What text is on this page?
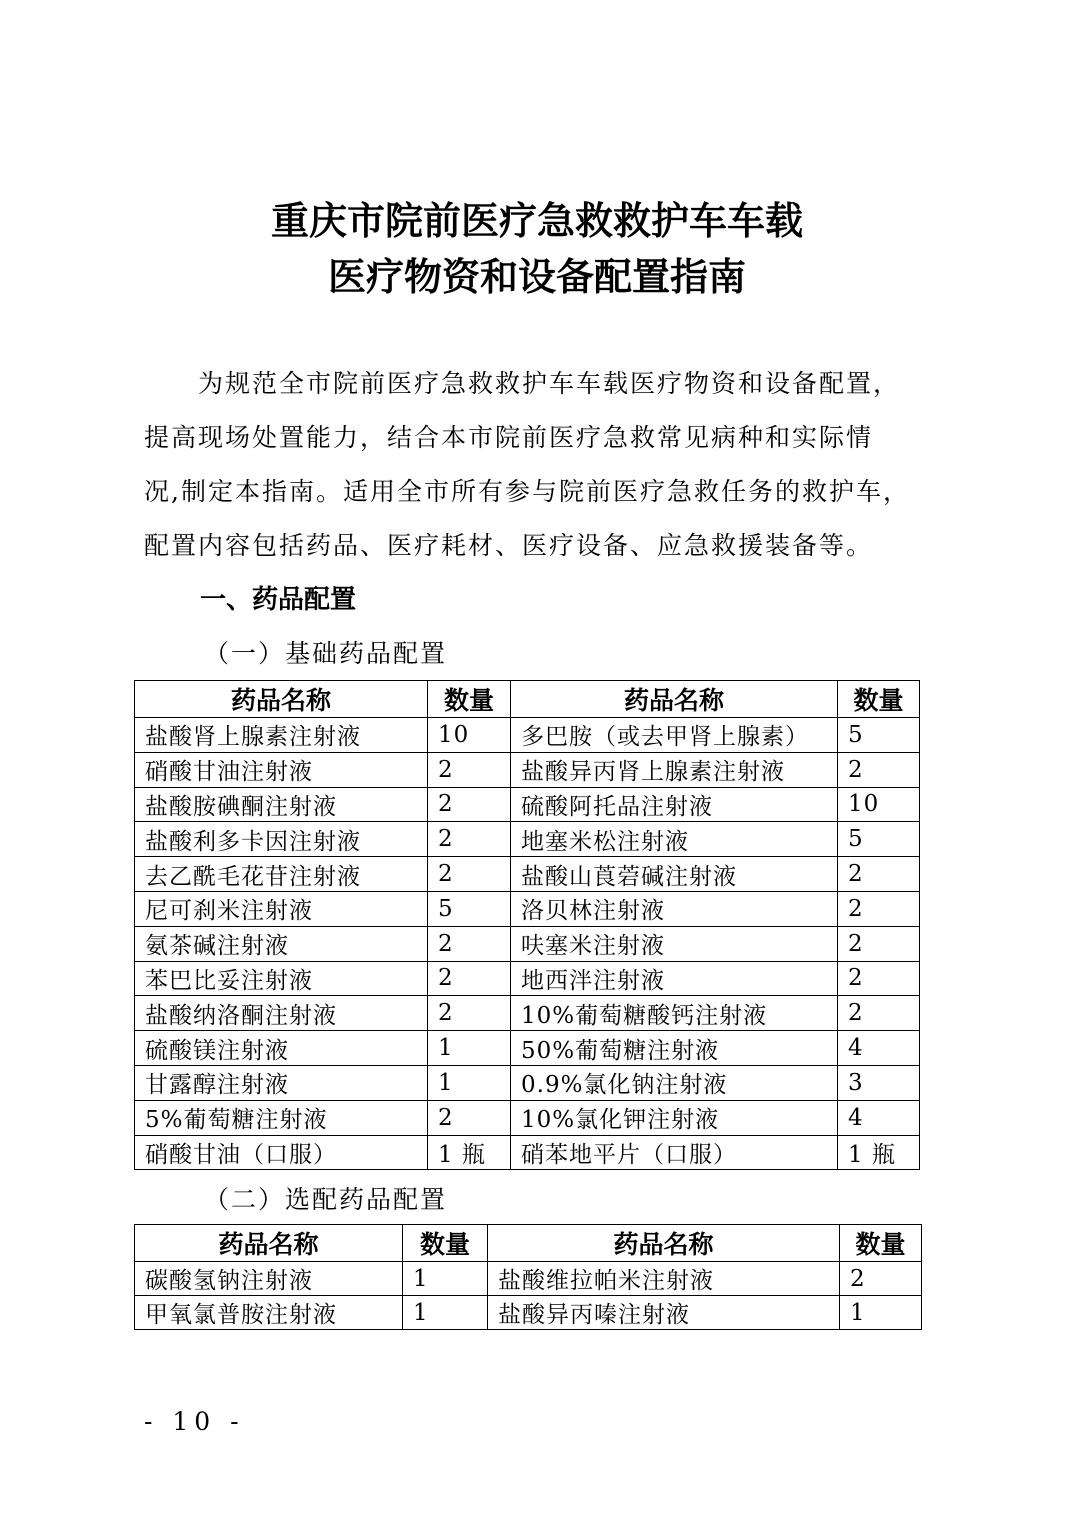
重庆市院前医疗急救救护车车载
医疗物资和设备配置指南
　　为规范全市院前医疗急救救护车车载医疗物资和设备配置，
提高现场处置能力，结合本市院前医疗急救常见病种和实际情
况,制定本指南。适用全市所有参与院前医疗急救任务的救护车，
配置内容包括药品、医疗耗材、医疗设备、应急救援装备等。
一、药品配置
（一）基础药品配置
药品名称	数量	药品名称	数量
盐酸肾上腺素注射液	10	多巴胺（或去甲肾上腺素）	5
硝酸甘油注射液	2	盐酸异丙肾上腺素注射液	2
盐酸胺碘酮注射液	2	硫酸阿托品注射液	10
盐酸利多卡因注射液	2	地塞米松注射液	5
去乙酰毛花苷注射液	2	盐酸山莨菪碱注射液	2
尼可刹米注射液	5	洛贝林注射液	2
氨茶碱注射液	2	呋塞米注射液	2
苯巴比妥注射液	2	地西泮注射液	2
盐酸纳洛酮注射液	2	10%葡萄糖酸钙注射液	2
硫酸镁注射液	1	50%葡萄糖注射液	4
甘露醇注射液	1	0.9%氯化钠注射液	3
5%葡萄糖注射液	2	10%氯化钾注射液	4
硝酸甘油（口服）	1 瓶	硝苯地平片（口服）	1 瓶
（二）选配药品配置
药品名称	数量	药品名称	数量
碳酸氢钠注射液	1	盐酸维拉帕米注射液	2
甲氧氯普胺注射液	1	盐酸异丙嗪注射液	1
- 10 -
